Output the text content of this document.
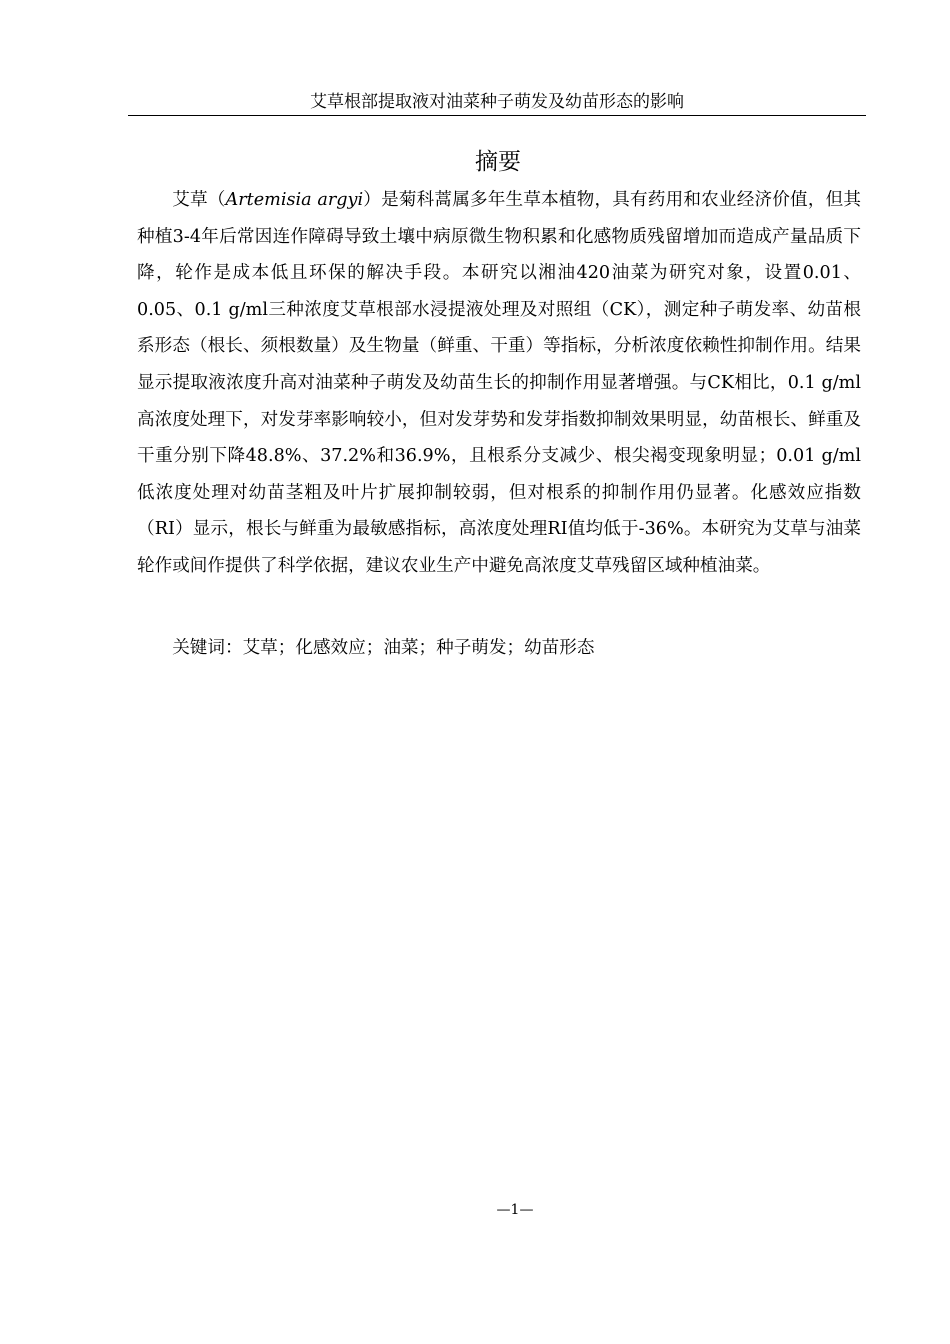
艾草根部提取液对油菜种子萌发及幼苗形态的影响
摘要

艾草（Artemisia argyi）是菊科蒿属多年生草本植物，具有药用和农业经济价值，但其种植3-4年后常因连作障碍导致土壤中病原微生物积累和化感物质残留增加而造成产量品质下降，轮作是成本低且环保的解决手段。本研究以湘油420油菜为研究对象，设置0.01、0.05、0.1 g/ml三种浓度艾草根部水浸提液处理及对照组（CK），测定种子萌发率、幼苗根系形态（根长、须根数量）及生物量（鲜重、干重）等指标，分析浓度依赖性抑制作用。结果显示提取液浓度升高对油菜种子萌发及幼苗生长的抑制作用显著增强。与CK相比，0.1 g/ml高浓度处理下，对发芽率影响较小，但对发芽势和发芽指数抑制效果明显，幼苗根长、鲜重及干重分别下降48.8%、37.2%和36.9%，且根系分支减少、根尖褐变现象明显；0.01 g/ml低浓度处理对幼苗茎粗及叶片扩展抑制较弱，但对根系的抑制作用仍显著。化感效应指数（RI）显示，根长与鲜重为最敏感指标，高浓度处理RI值均低于-36%。本研究为艾草与油菜轮作或间作提供了科学依据，建议农业生产中避免高浓度艾草残留区域种植油菜。

关键词：艾草；化感效应；油菜；种子萌发；幼苗形态

—1—
